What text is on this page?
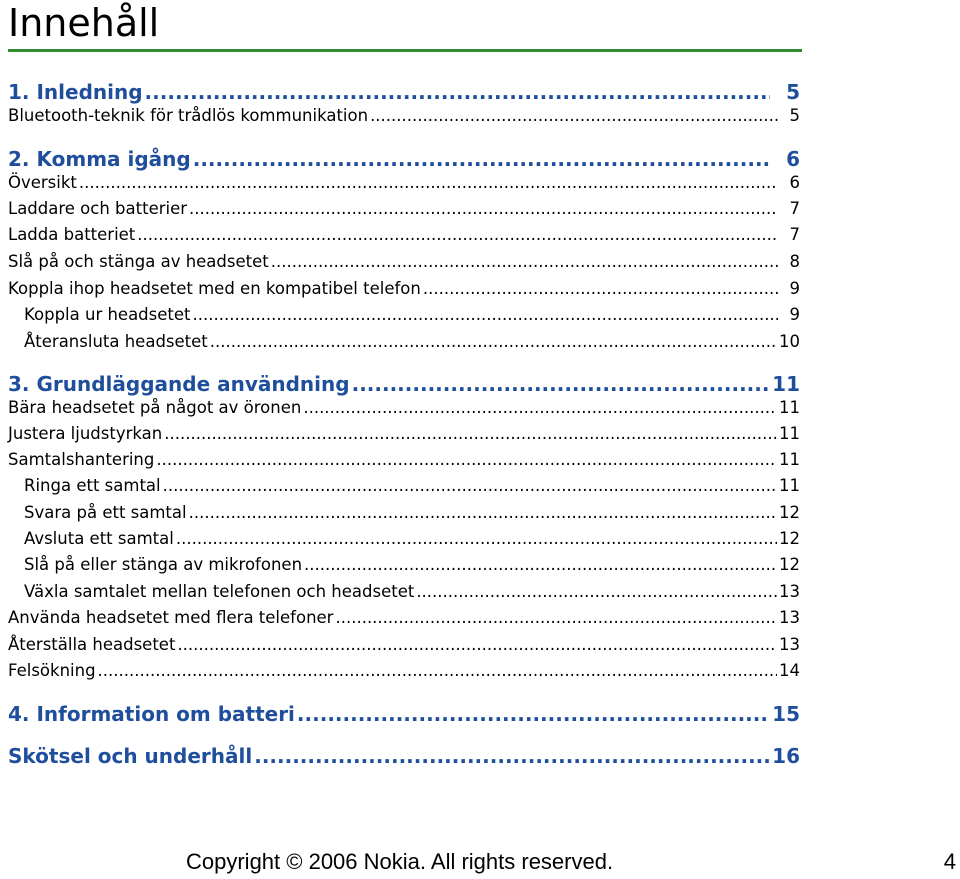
Innehåll
1. Inledning .....	5
Bluetooth-teknik för trådlös kommunikation .....	5
2. Komma igång .....	6
Översikt .....	6
Laddare och batterier .....	7
Ladda batteriet .....	7
Slå på och stänga av headsetet .....	8
Koppla ihop headsetet med en kompatibel telefon .....	9
Koppla ur headsetet .....	9
Återansluta headsetet .....	10
3. Grundläggande användning .....	11
Bära headsetet på något av öronen .....	11
Justera ljudstyrkan .....	11
Samtalshantering .....	11
Ringa ett samtal .....	11
Svara på ett samtal .....	12
Avsluta ett samtal .....	12
Slå på eller stänga av mikrofonen .....	12
Växla samtalet mellan telefonen och headsetet .....	13
Använda headsetet med flera telefoner .....	13
Återställa headsetet .....	13
Felsökning .....	14
4. Information om batteri .....	15
Skötsel och underhåll .....	16
Copyright © 2006 Nokia. All rights reserved.	4
